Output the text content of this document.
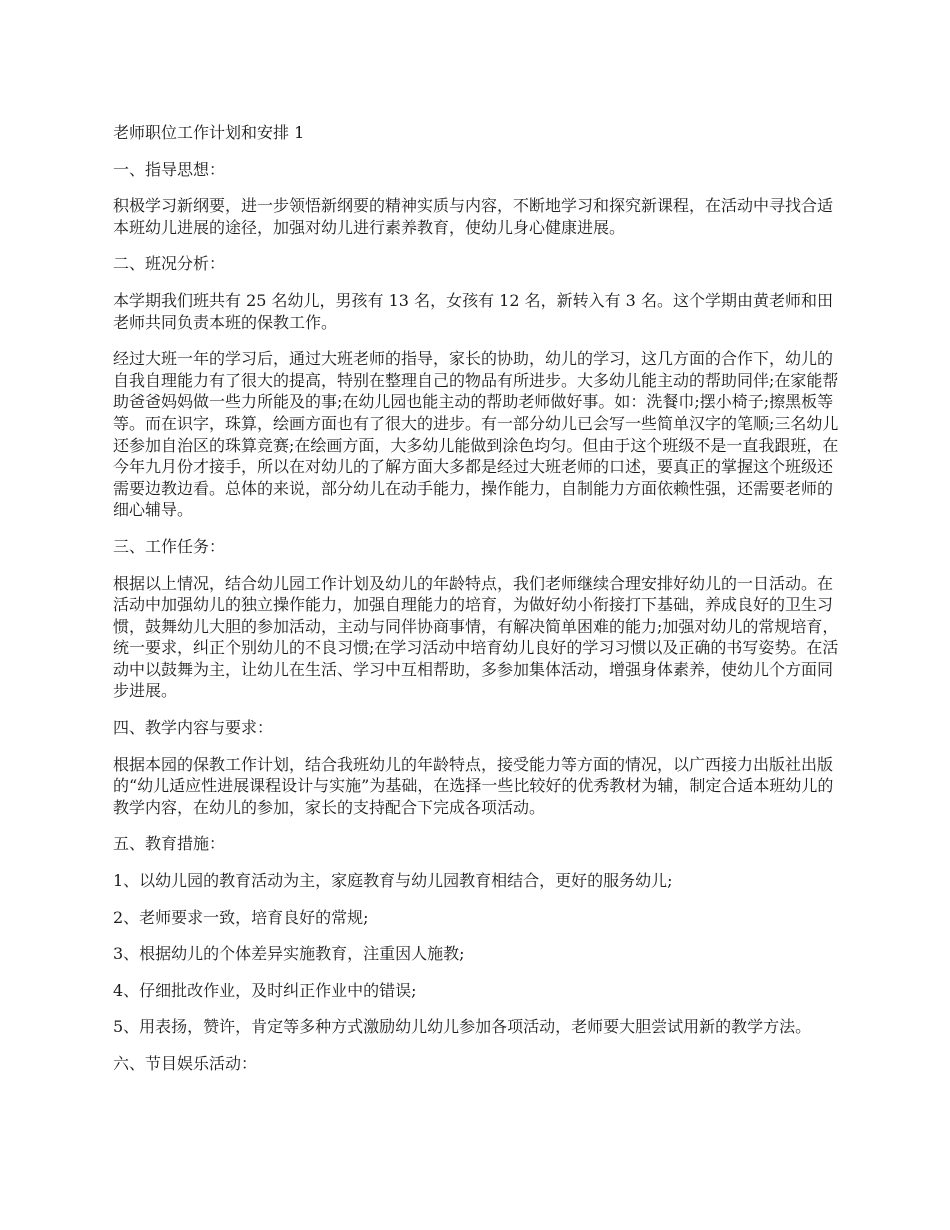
老师职位工作计划和安排 1
一、指导思想：
积极学习新纲要，进一步领悟新纲要的精神实质与内容，不断地学习和探究新课程，在活动中寻找合适本班幼儿进展的途径，加强对幼儿进行素养教育，使幼儿身心健康进展。
二、班况分析：
本学期我们班共有 25 名幼儿，男孩有 13 名，女孩有 12 名，新转入有 3 名。这个学期由黄老师和田老师共同负责本班的保教工作。
经过大班一年的学习后，通过大班老师的指导，家长的协助，幼儿的学习，这几方面的合作下，幼儿的自我自理能力有了很大的提高，特别在整理自己的物品有所进步。大多幼儿能主动的帮助同伴;在家能帮助爸爸妈妈做一些力所能及的事;在幼儿园也能主动的帮助老师做好事。如：洗餐巾;摆小椅子;擦黑板等等。而在识字，珠算，绘画方面也有了很大的进步。有一部分幼儿已会写一些简单汉字的笔顺;三名幼儿还参加自治区的珠算竞赛;在绘画方面，大多幼儿能做到涂色均匀。但由于这个班级不是一直我跟班，在今年九月份才接手，所以在对幼儿的了解方面大多都是经过大班老师的口述，要真正的掌握这个班级还需要边教边看。总体的来说，部分幼儿在动手能力，操作能力，自制能力方面依赖性强，还需要老师的细心辅导。
三、工作任务：
根据以上情况，结合幼儿园工作计划及幼儿的年龄特点，我们老师继续合理安排好幼儿的一日活动。在活动中加强幼儿的独立操作能力，加强自理能力的培育，为做好幼小衔接打下基础，养成良好的卫生习惯，鼓舞幼儿大胆的参加活动，主动与同伴协商事情，有解决简单困难的能力;加强对幼儿的常规培育，统一要求，纠正个别幼儿的不良习惯;在学习活动中培育幼儿良好的学习习惯以及正确的书写姿势。在活动中以鼓舞为主，让幼儿在生活、学习中互相帮助，多参加集体活动，增强身体素养，使幼儿个方面同步进展。
四、教学内容与要求：
根据本园的保教工作计划，结合我班幼儿的年龄特点，接受能力等方面的情况，以广西接力出版社出版的“幼儿适应性进展课程设计与实施”为基础，在选择一些比较好的优秀教材为辅，制定合适本班幼儿的教学内容，在幼儿的参加，家长的支持配合下完成各项活动。
五、教育措施：
1、以幼儿园的教育活动为主，家庭教育与幼儿园教育相结合，更好的服务幼儿;
2、老师要求一致，培育良好的常规;
3、根据幼儿的个体差异实施教育，注重因人施教;
4、仔细批改作业，及时纠正作业中的错误;
5、用表扬，赞许，肯定等多种方式激励幼儿幼儿参加各项活动，老师要大胆尝试用新的教学方法。
六、节目娱乐活动：
